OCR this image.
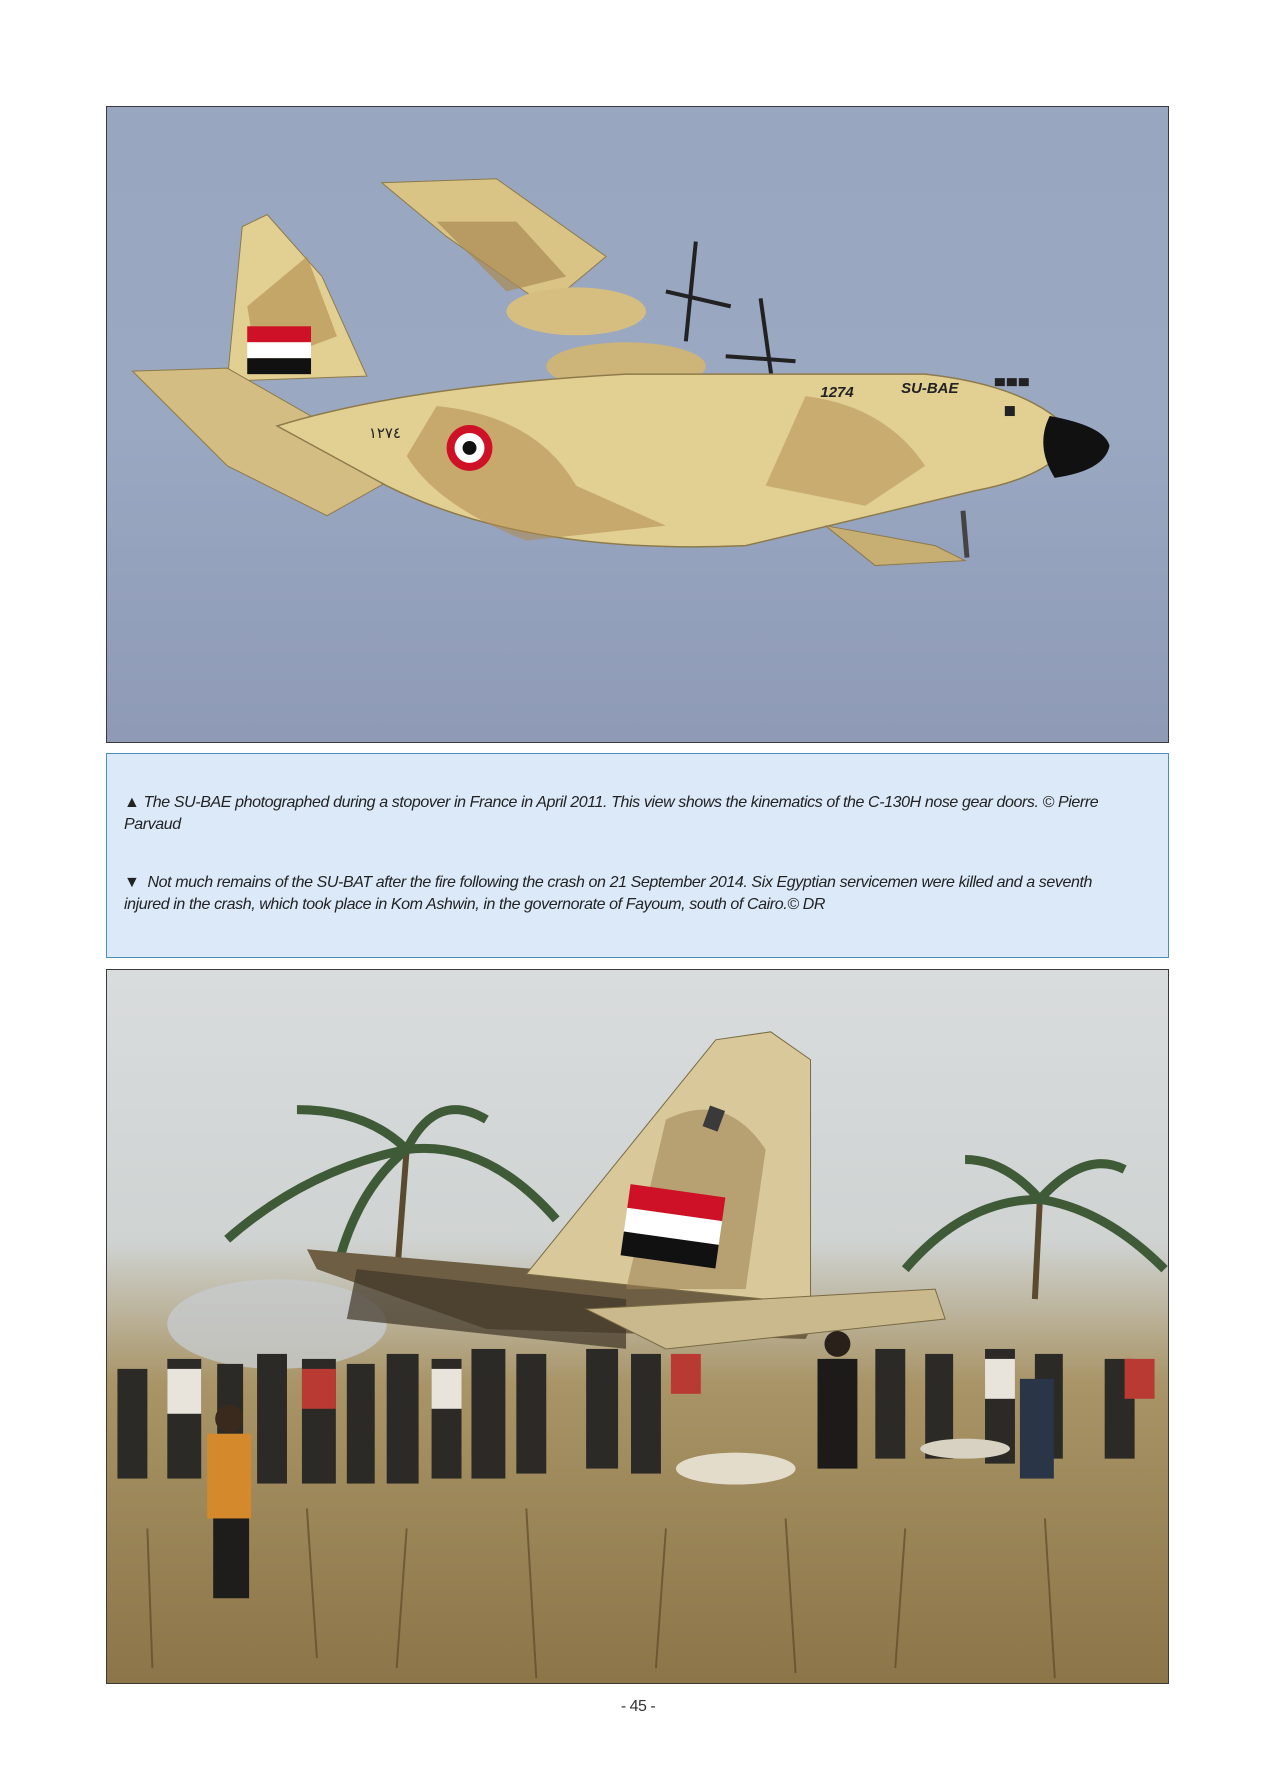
SU-BAE
1274
١٢٧٤

▲ The SU-BAE photographed during a stopover in France in April 2011. This view shows the kinematics of the C-130H nose gear doors. © Pierre Parvaud

▼ Not much remains of the SU-BAT after the fire following the crash on 21 September 2014. Six Egyptian servicemen were killed and a seventh injured in the crash, which took place in Kom Ashwin, in the governorate of Fayoum, south of Cairo.© DR

- 45 -
